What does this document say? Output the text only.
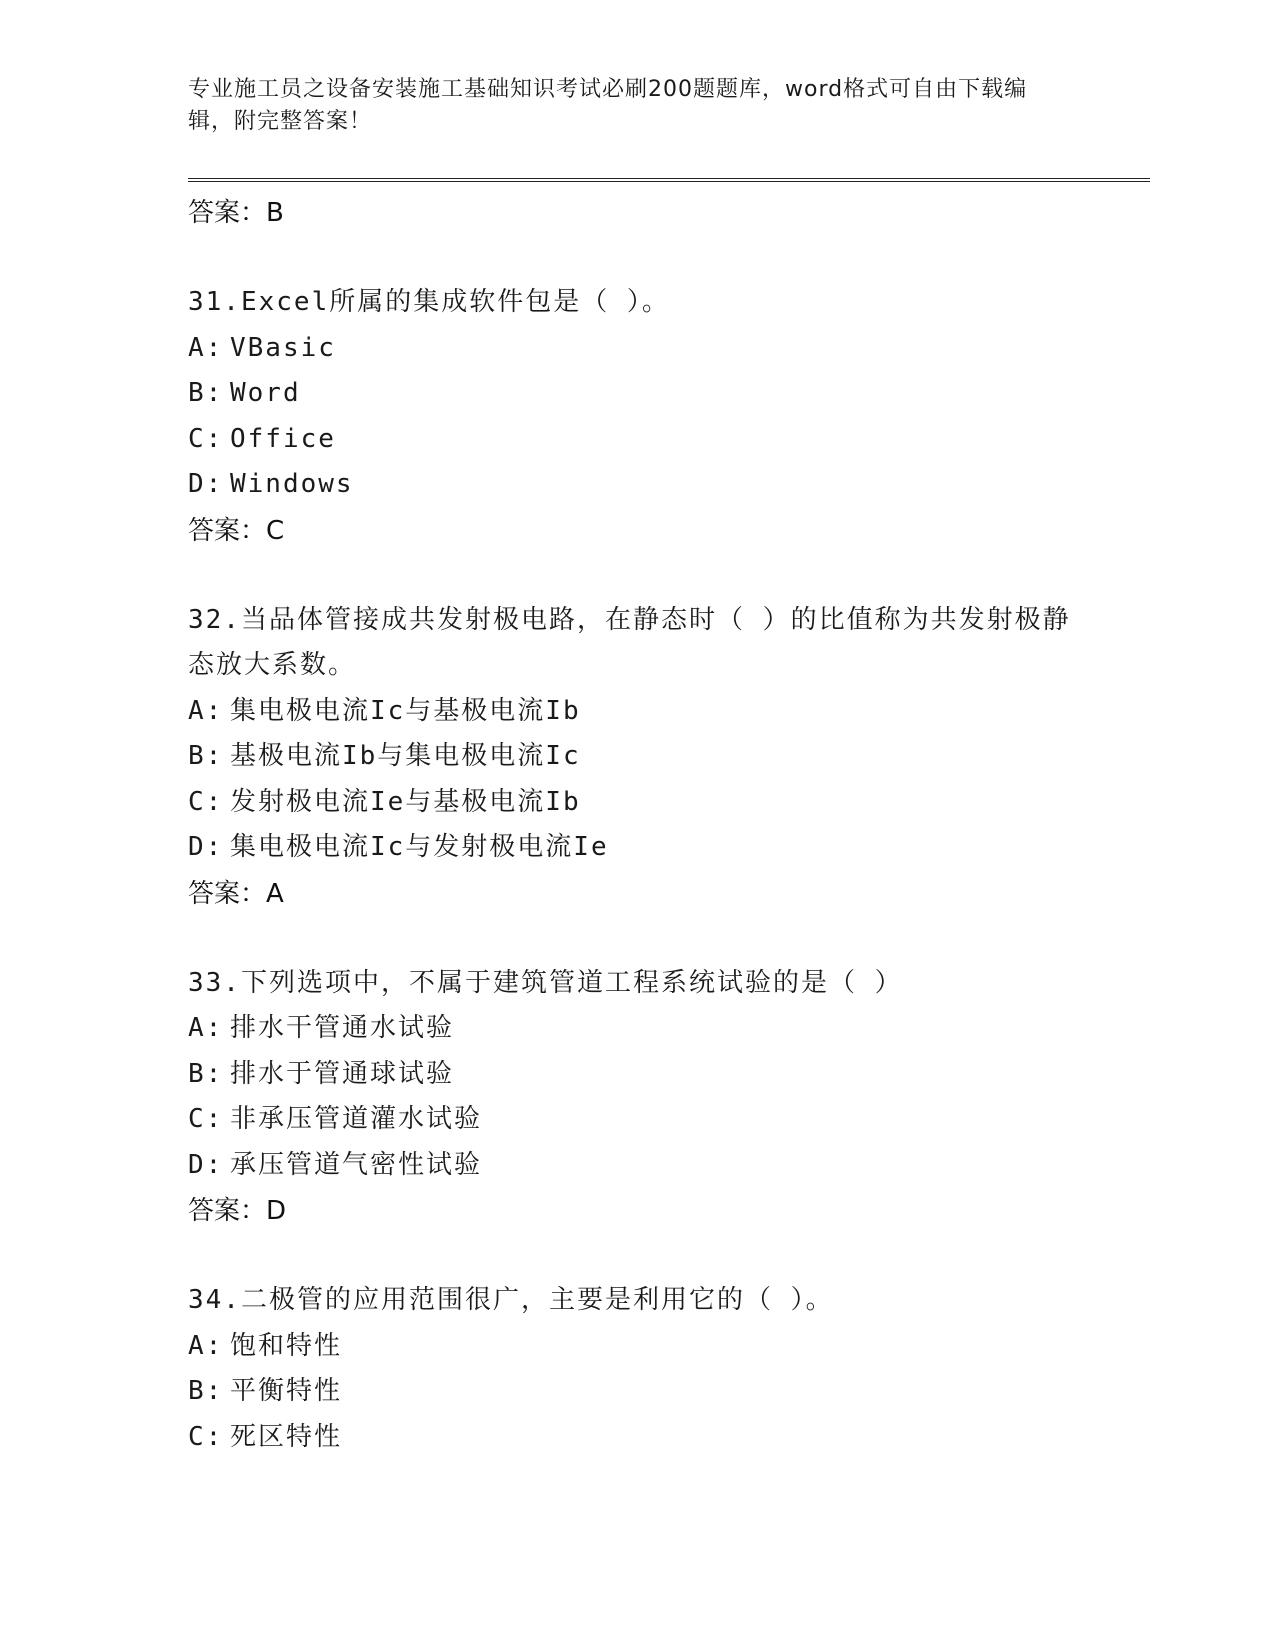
专业施工员之设备安装施工基础知识考试必刷200题题库，word格式可自由下载编辑，附完整答案！
答案：B
31.Excel所属的集成软件包是（ ）。
A: VBasic
B: Word
C: Office
D: Windows
答案：C
32.当品体管接成共发射极电路，在静态时（ ）的比值称为共发射极静态放大系数。
A: 集电极电流Ic与基极电流Ib
B: 基极电流Ib与集电极电流Ic
C: 发射极电流Ie与基极电流Ib
D: 集电极电流Ic与发射极电流Ie
答案：A
33.下列选项中，不属于建筑管道工程系统试验的是（ ）
A: 排水干管通水试验
B: 排水于管通球试验
C: 非承压管道灌水试验
D: 承压管道气密性试验
答案：D
34.二极管的应用范围很广，主要是利用它的（ ）。
A: 饱和特性
B: 平衡特性
C: 死区特性
